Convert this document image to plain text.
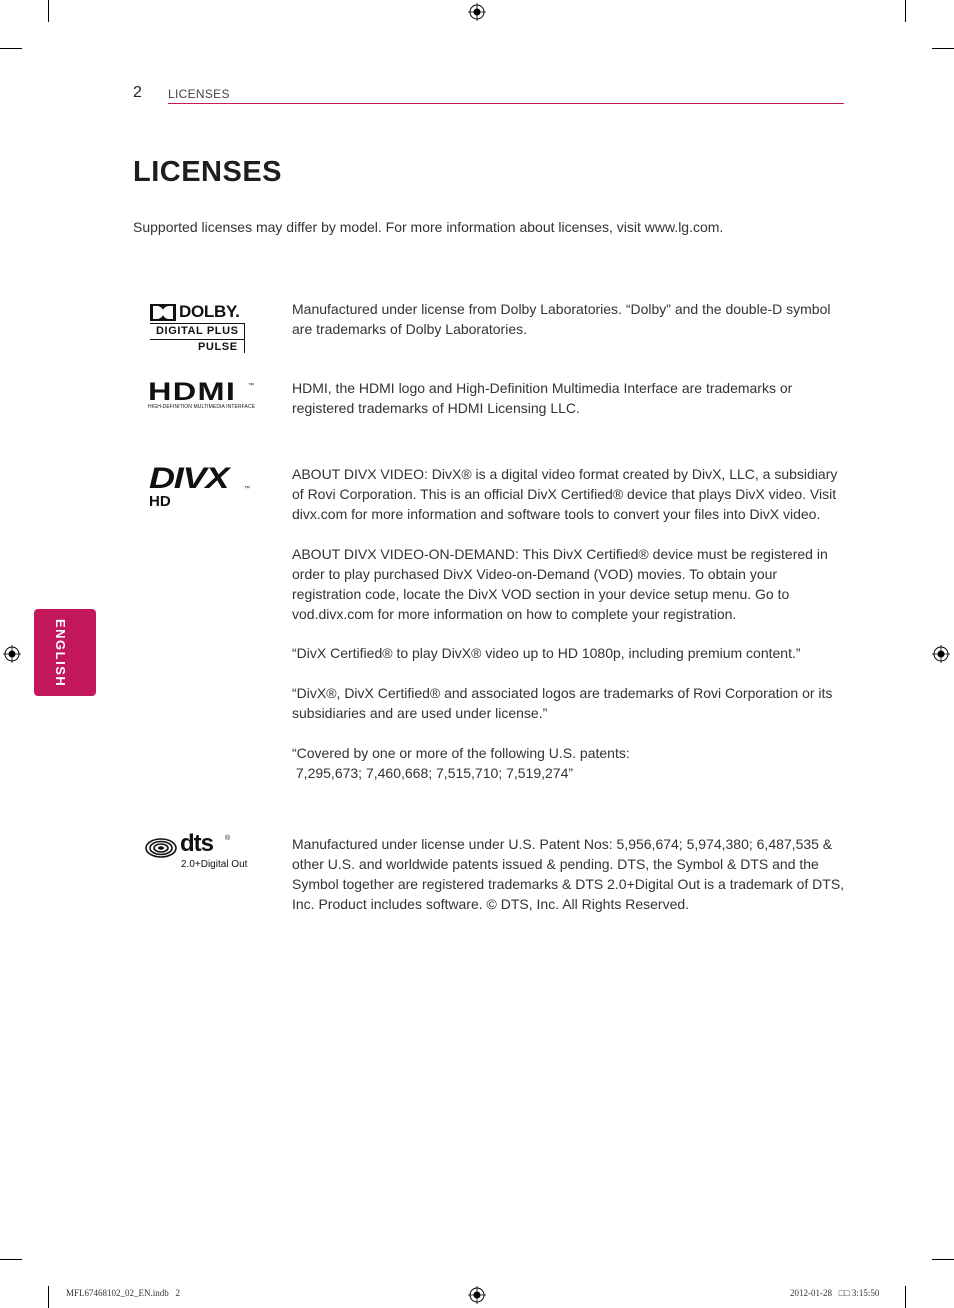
2 LICENSES
LICENSES
Supported licenses may differ by model. For more information about licenses, visit www.lg.com.
ENGLISH
DOLBY.
DIGITAL PLUS
PULSE
HDMI ™
HIGH-DEFINITION MULTIMEDIA INTERFACE
DIVX	™
HD
dts ®
2.0+Digital Out

Manufactured under license from Dolby Laboratories. “Dolby” and the double-D symbol are trademarks of Dolby Laboratories.

HDMI, the HDMI logo and High-Definition Multimedia Interface are trademarks or registered trademarks of HDMI Licensing LLC.

ABOUT DIVX VIDEO: DivX® is a digital video format created by DivX, LLC, a subsidiary of Rovi Corporation. This is an official DivX Certified® device that plays DivX video. Visit divx.com for more information and software tools to convert your files into DivX video.

ABOUT DIVX VIDEO-ON-DEMAND: This DivX Certified® device must be registered in order to play purchased DivX Video-on-Demand (VOD) movies. To obtain your registration code, locate the DivX VOD section in your device setup menu. Go to vod.divx.com for more information on how to complete your registration.

“DivX Certified® to play DivX® video up to HD 1080p, including premium content.”

“DivX®, DivX Certified® and associated logos are trademarks of Rovi Corporation or its subsidiaries and are used under license.”

“Covered by one or more of the following U.S. patents:

7,295,673; 7,460,668; 7,515,710; 7,519,274”

Manufactured under license under U.S. Patent Nos: 5,956,674; 5,974,380; 6,487,535 & other U.S. and worldwide patents issued & pending. DTS, the Symbol & DTS and the Symbol together are registered trademarks & DTS 2.0+Digital Out is a trademark of DTS, Inc. Product includes software. © DTS, Inc. All Rights Reserved.

MFL67468102_02_EN.indb   2	2012-01-28   □□ 3:15:50
